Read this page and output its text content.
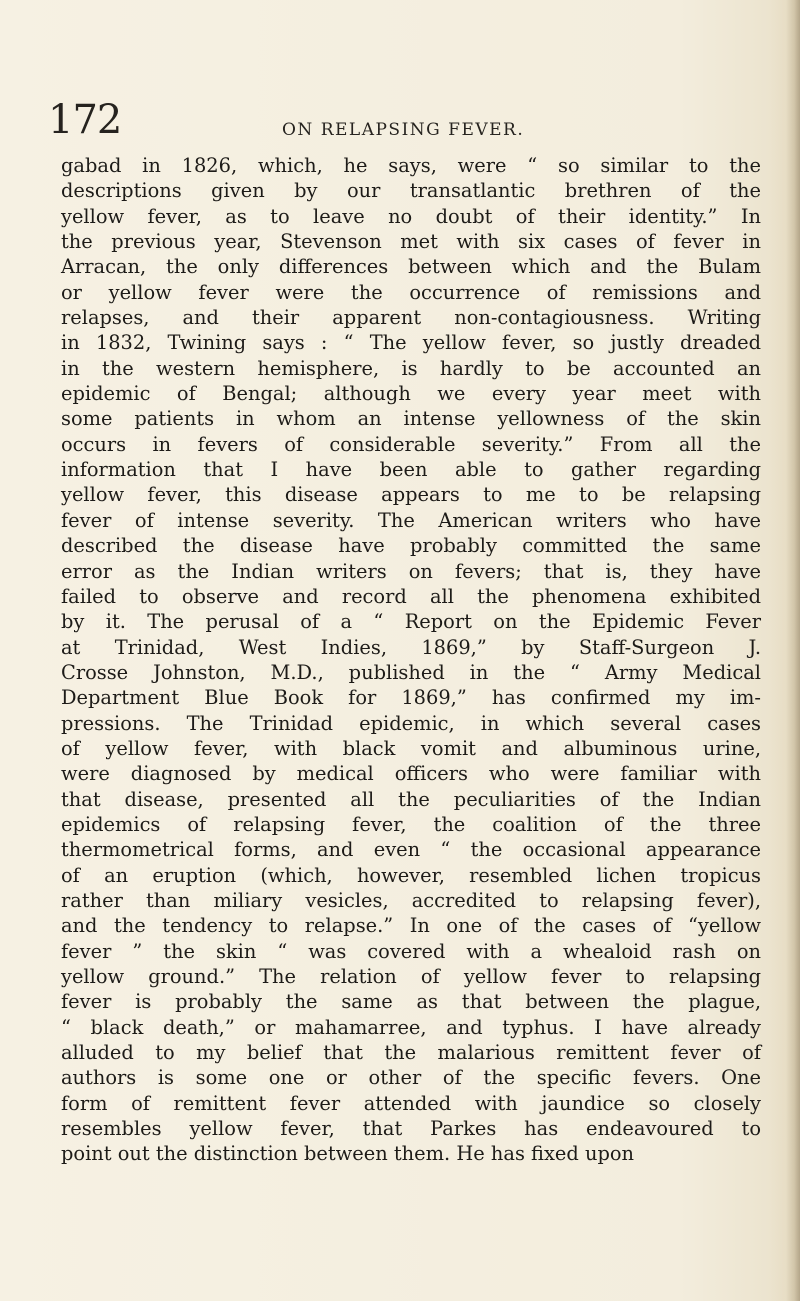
172	ON RELAPSING FEVER.

gabad in 1826, which, he says, were “ so similar to the
descriptions given by our transatlantic brethren of the
yellow fever, as to leave no doubt of their identity.” In
the previous year, Stevenson met with six cases of fever in
Arracan, the only differences between which and the Bulam
or yellow fever were the occurrence of remissions and
relapses, and their apparent non-contagiousness. Writing
in 1832, Twining says : “ The yellow fever, so justly dreaded
in the western hemisphere, is hardly to be accounted an
epidemic of Bengal; although we every year meet with
some patients in whom an intense yellowness of the skin
occurs in fevers of considerable severity.” From all the
information that I have been able to gather regarding
yellow fever, this disease appears to me to be relapsing
fever of intense severity. The American writers who have
described the disease have probably committed the same
error as the Indian writers on fevers; that is, they have
failed to observe and record all the phenomena exhibited
by it. The perusal of a “ Report on the Epidemic Fever
at Trinidad, West Indies, 1869,” by Staff-Surgeon J.
Crosse Johnston, M.D., published in the “ Army Medical
Department Blue Book for 1869,” has confirmed my im-
pressions. The Trinidad epidemic, in which several cases
of yellow fever, with black vomit and albuminous urine,
were diagnosed by medical officers who were familiar with
that disease, presented all the peculiarities of the Indian
epidemics of relapsing fever, the coalition of the three
thermometrical forms, and even “ the occasional appearance
of an eruption (which, however, resembled lichen tropicus
rather than miliary vesicles, accredited to relapsing fever),
and the tendency to relapse.” In one of the cases of “yellow
fever ” the skin “ was covered with a whealoid rash on
yellow ground.” The relation of yellow fever to relapsing
fever is probably the same as that between the plague,
“ black death,” or mahamarree, and typhus. I have already
alluded to my belief that the malarious remittent fever of
authors is some one or other of the specific fevers. One
form of remittent fever attended with jaundice so closely
resembles yellow fever, that Parkes has endeavoured to
point out the distinction between them. He has fixed upon
